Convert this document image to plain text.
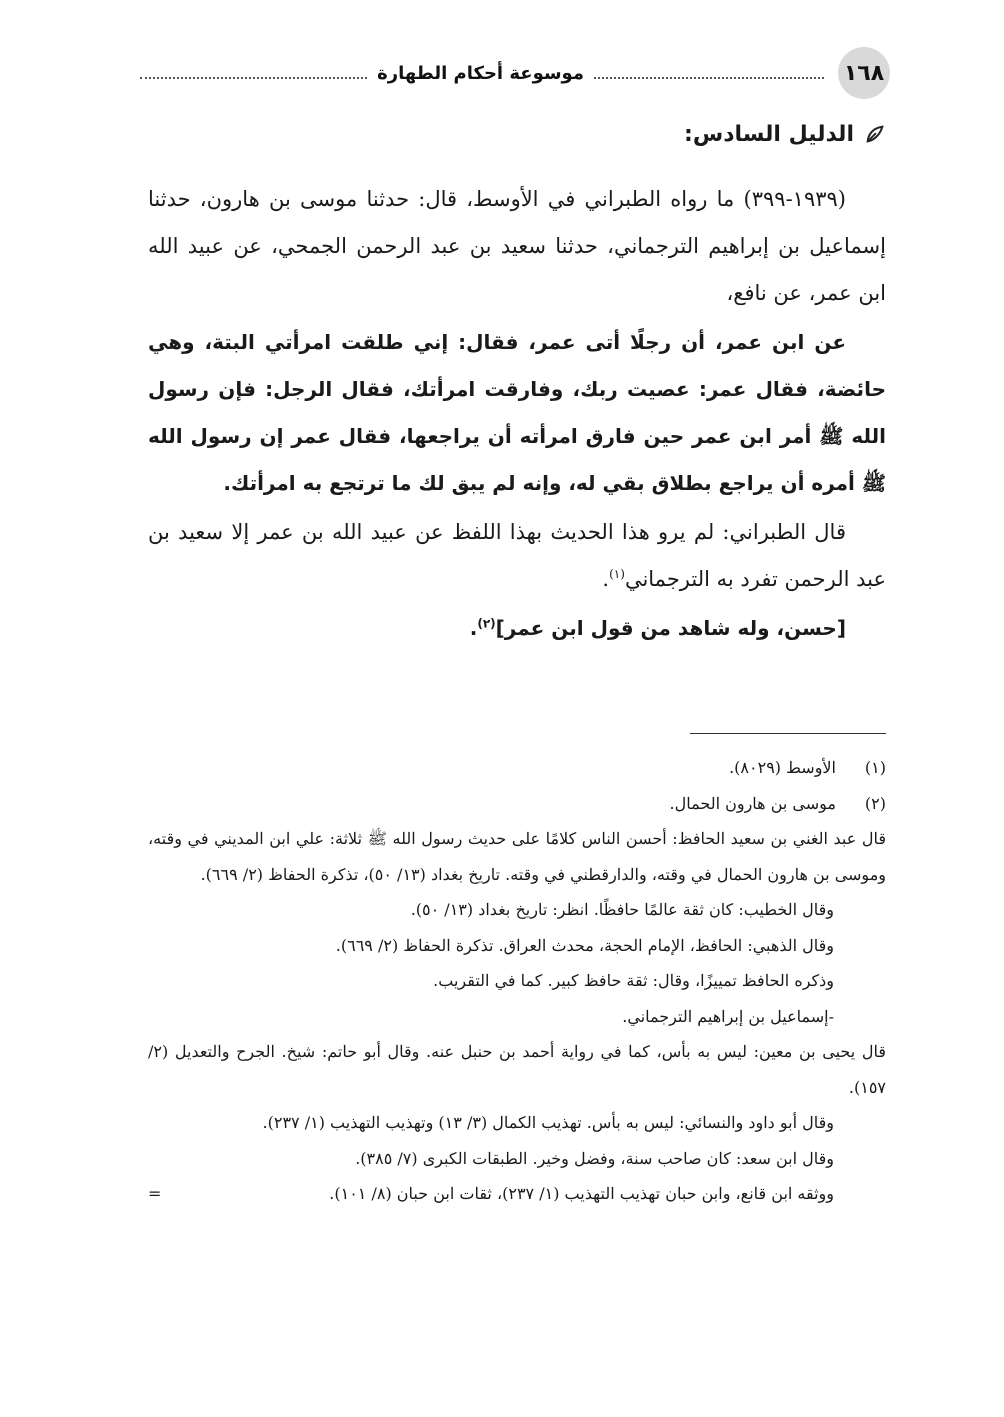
١٦٨
موسوعة أحكام الطهارة
الدليل السادس:

(١٩٣٩-٣٩٩) ما رواه الطبراني في الأوسط، قال: حدثنا موسى بن هارون، حدثنا إسماعيل بن إبراهيم الترجماني، حدثنا سعيد بن عبد الرحمن الجمحي، عن عبيد الله ابن عمر، عن نافع،

عن ابن عمر، أن رجلًا أتى عمر، فقال: إني طلقت امرأتي البتة، وهي حائضة، فقال عمر: عصيت ربك، وفارقت امرأتك، فقال الرجل: فإن رسول الله ﷺ أمر ابن عمر حين فارق امرأته أن يراجعها، فقال عمر إن رسول الله ﷺ أمره أن يراجع بطلاق بقي له، وإنه لم يبق لك ما ترتجع به امرأتك.

قال الطبراني: لم يرو هذا الحديث بهذا اللفظ عن عبيد الله بن عمر إلا سعيد بن عبد الرحمن تفرد به الترجماني$^{(١)}$.

[حسن، وله شاهد من قول ابن عمر]$^{(٢)}$.

(١)الأوسط (٨٠٢٩).

(٢)موسى بن هارون الحمال.

قال عبد الغني بن سعيد الحافظ: أحسن الناس كلامًا على حديث رسول الله ﷺ ثلاثة: علي ابن المديني في وقته، وموسى بن هارون الحمال في وقته، والدارقطني في وقته. تاريخ بغداد (١٣/ ٥٠)، تذكرة الحفاظ (٢/ ٦٦٩).

وقال الخطيب: كان ثقة عالمًا حافظًا. انظر: تاريخ بغداد (١٣/ ٥٠).

وقال الذهبي: الحافظ، الإمام الحجة، محدث العراق. تذكرة الحفاظ (٢/ ٦٦٩).

وذكره الحافظ تمييزًا، وقال: ثقة حافظ كبير. كما في التقريب.

-إسماعيل بن إبراهيم الترجماني.

قال يحيى بن معين: ليس به بأس، كما في رواية أحمد بن حنبل عنه. وقال أبو حاتم: شيخ. الجرح والتعديل (٢/ ١٥٧).

وقال أبو داود والنسائي: ليس به بأس. تهذيب الكمال (٣/ ١٣) وتهذيب التهذيب (١/ ٢٣٧).

وقال ابن سعد: كان صاحب سنة، وفضل وخير. الطبقات الكبرى (٧/ ٣٨٥).

ووثقه ابن قانع، وابن حبان تهذيب التهذيب (١/ ٢٣٧)، ثقات ابن حبان (٨/ ١٠١).
=
